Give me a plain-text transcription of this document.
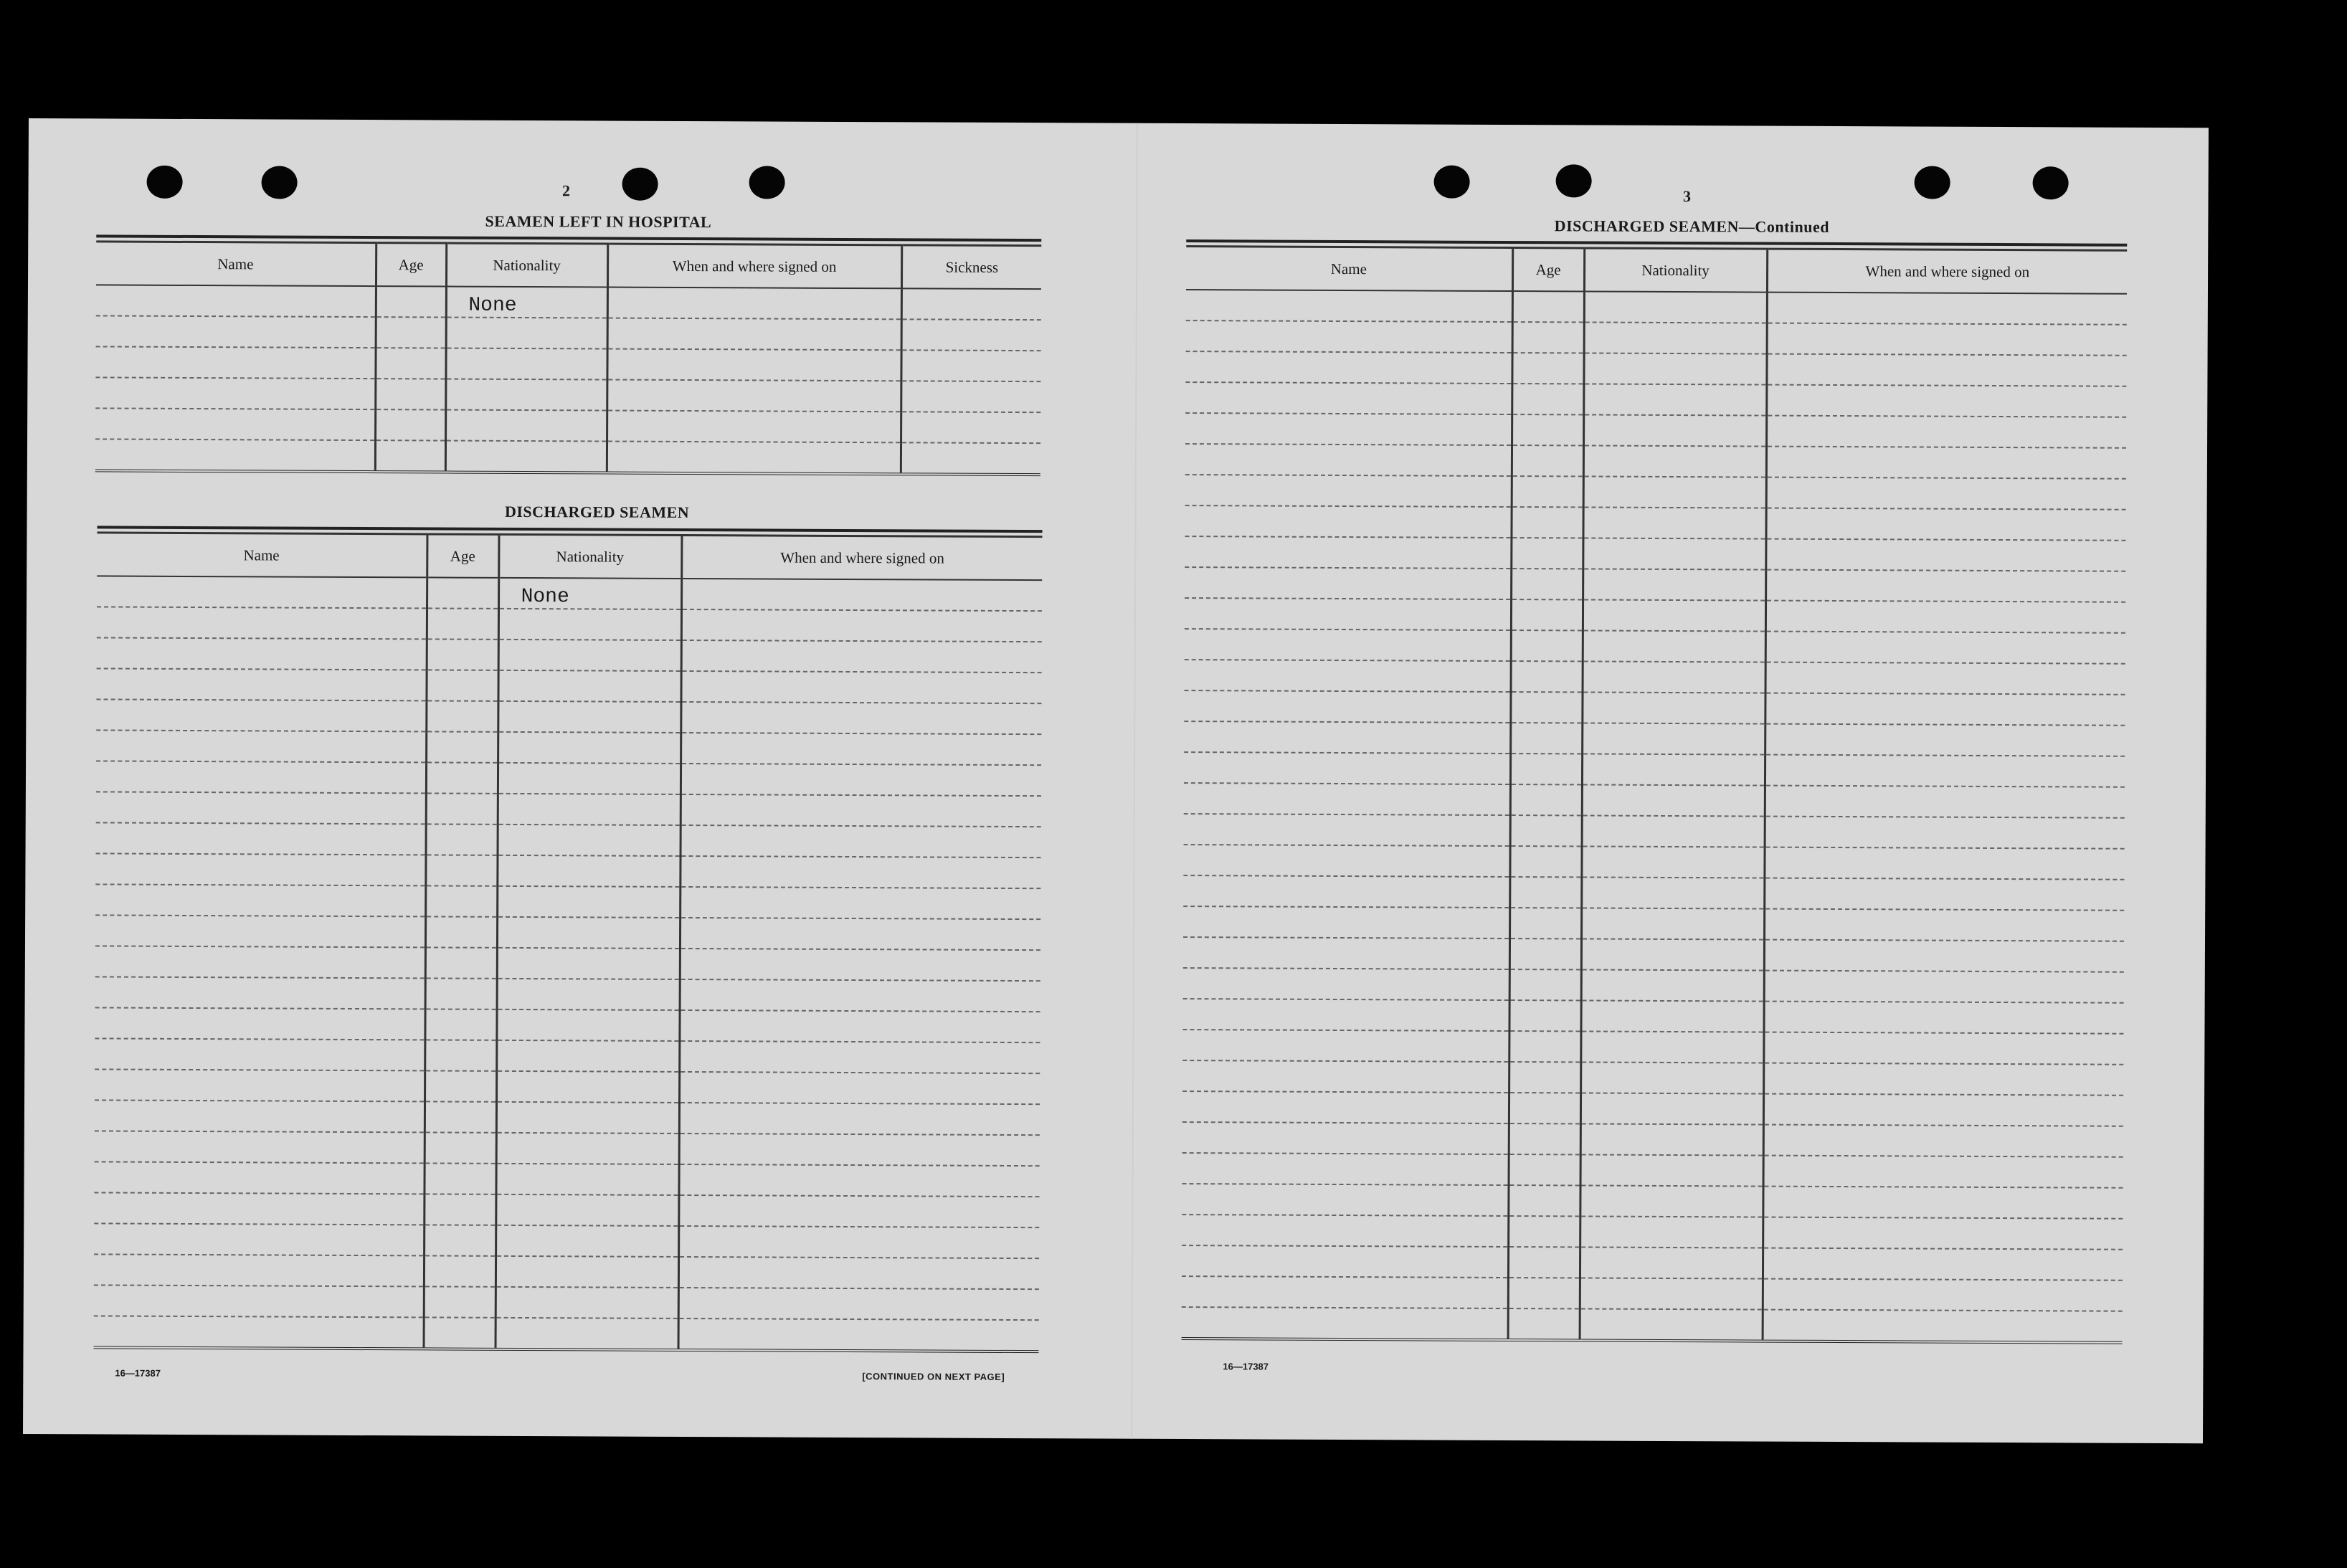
2
SEAMEN LEFT IN HOSPITAL
Name	Age	Nationality	When and where signed on	Sickness
		None		

DISCHARGED SEAMEN
Name	Age	Nationality	When and where signed on
		None	

16—17387	[CONTINUED ON NEXT PAGE]
3
DISCHARGED SEAMEN—Continued
Name	Age	Nationality	When and where signed on

16—17387
